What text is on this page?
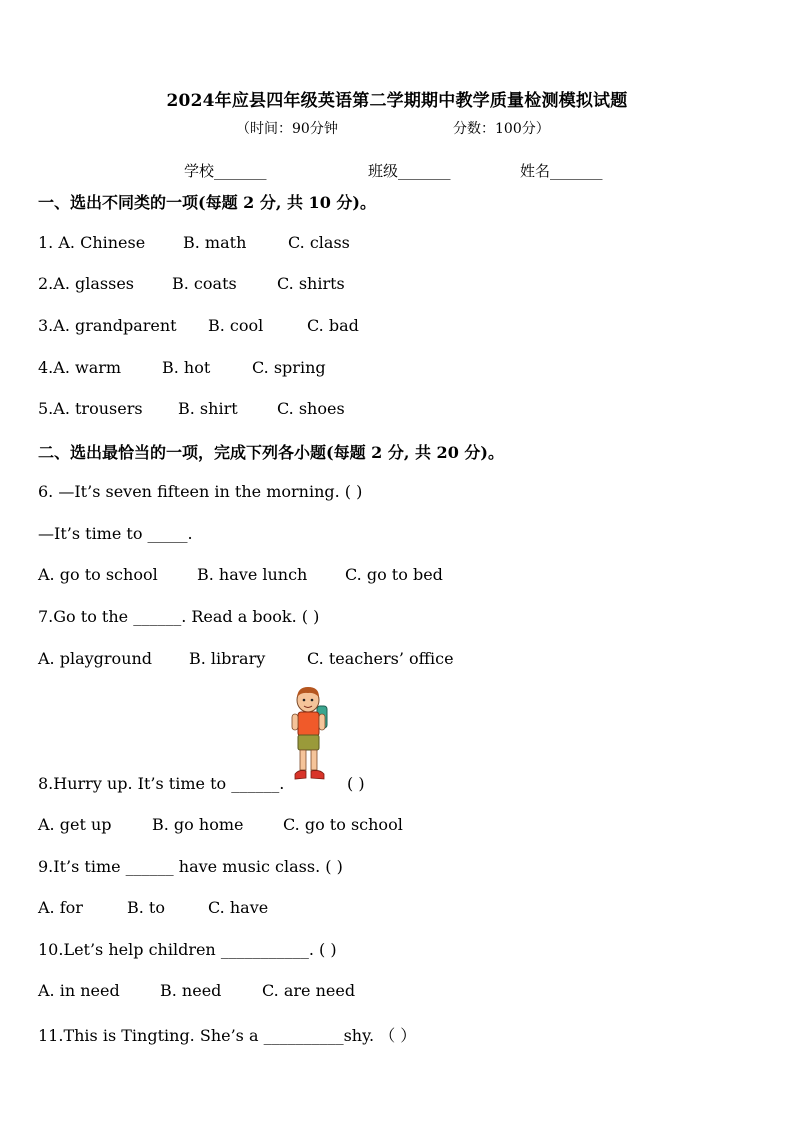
2024年应县四年级英语第二学期期中教学质量检测模拟试题
（时间：90分钟	分数：100分）
学校_______	班级_______	姓名_______
一、选出不同类的一项(每题 2 分, 共 10 分)。
1. A. Chinese B. math	C. class
2.A. glasses B. coats	C. shirts
3.A. grandparent B. cool	C. bad
4.A. warm	B. hot	C. spring
5.A. trousers B. shirt C. shoes
二、选出最恰当的一项，完成下列各小题(每题 2 分, 共 20 分)。
6. —It’s seven fifteen in the morning. ( )
—It’s time to _____.
A. go to school B. have lunch C. go to bed
7.Go to the ______. Read a book. ( )
A. playground B. library	C. teachers’ office
8.Hurry up. It’s time to ______.	( )
A. get up	B. go home C. go to school
9.It’s time ______ have music class. ( )
A. for	B. to	C. have
10.Let’s help children ___________. ( )
A. in need	B. need	C. are need
11.This is Tingting. She’s a __________shy. （ ）
